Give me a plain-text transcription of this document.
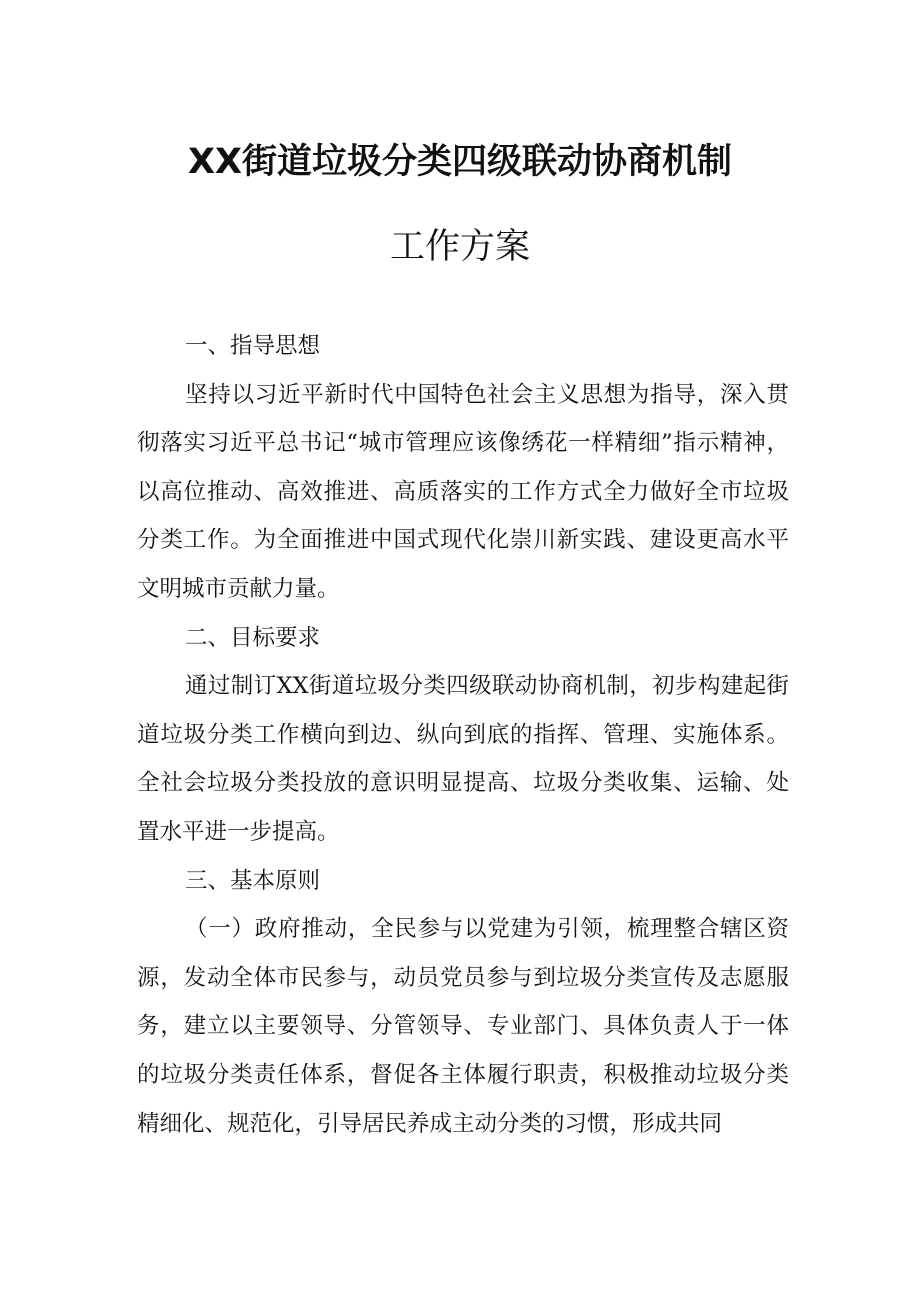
XX街道垃圾分类四级联动协商机制
工作方案

一、指导思想

坚持以习近平新时代中国特色社会主义思想为指导，深入贯彻落实习近平总书记“城市管理应该像绣花一样精细”指示精神，以高位推动、高效推进、高质落实的工作方式全力做好全市垃圾分类工作。为全面推进中国式现代化崇川新实践、建设更高水平文明城市贡献力量。

二、目标要求

通过制订XX街道垃圾分类四级联动协商机制，初步构建起街道垃圾分类工作横向到边、纵向到底的指挥、管理、实施体系。全社会垃圾分类投放的意识明显提高、垃圾分类收集、运输、处置水平进一步提高。

三、基本原则

（一）政府推动，全民参与以党建为引领，梳理整合辖区资源，发动全体市民参与，动员党员参与到垃圾分类宣传及志愿服务，建立以主要领导、分管领导、专业部门、具体负责人于一体的垃圾分类责任体系，督促各主体履行职责，积极推动垃圾分类精细化、规范化，引导居民养成主动分类的习惯，形成共同
